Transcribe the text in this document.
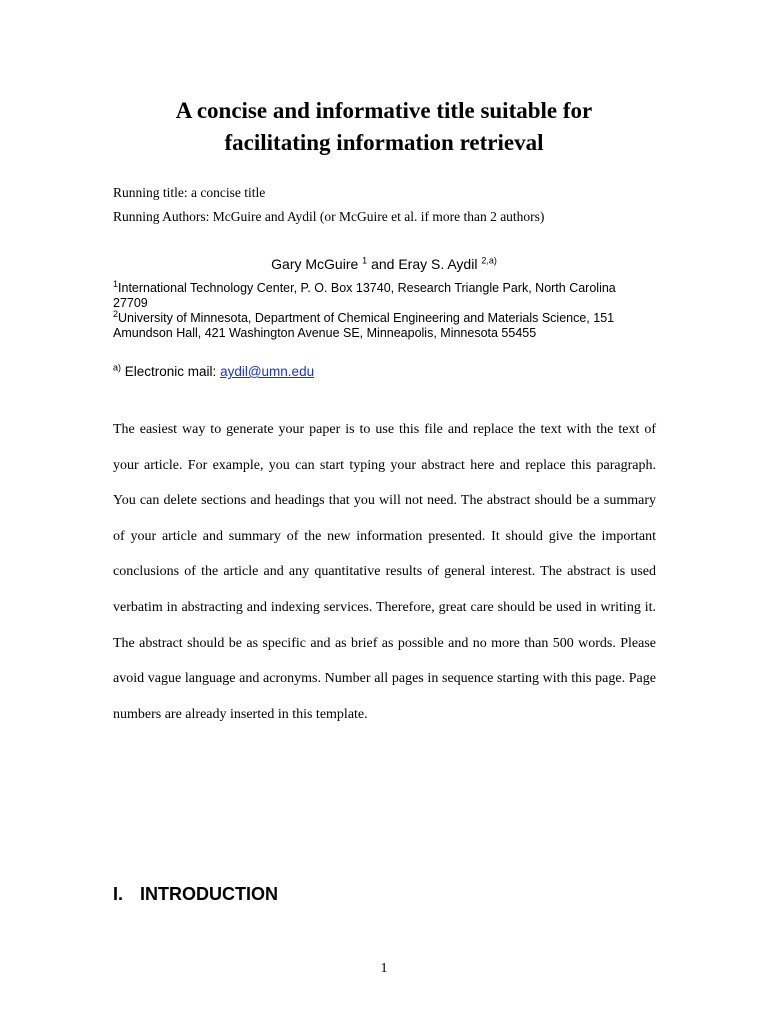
A concise and informative title suitable for
facilitating information retrieval
Running title: a concise title
Running Authors: McGuire and Aydil (or McGuire et al. if more than 2 authors)
Gary McGuire $^1$ and Eray S. Aydil $^{2,a)}$
$^1$International Technology Center, P. O. Box 13740, Research Triangle Park, North Carolina 27709
$^2$University of Minnesota, Department of Chemical Engineering and Materials Science, 151 Amundson Hall, 421 Washington Avenue SE, Minneapolis, Minnesota 55455
$^{a)}$ Electronic mail: aydil@umn.edu
The easiest way to generate your paper is to use this file and replace the text with the text of your article. For example, you can start typing your abstract here and replace this paragraph. You can delete sections and headings that you will not need. The abstract should be a summary of your article and summary of the new information presented. It should give the important conclusions of the article and any quantitative results of general interest. The abstract is used verbatim in abstracting and indexing services. Therefore, great care should be used in writing it. The abstract should be as specific and as brief as possible and no more than 500 words. Please avoid vague language and acronyms. Number all pages in sequence starting with this page. Page numbers are already inserted in this template.
I. INTRODUCTION
1
